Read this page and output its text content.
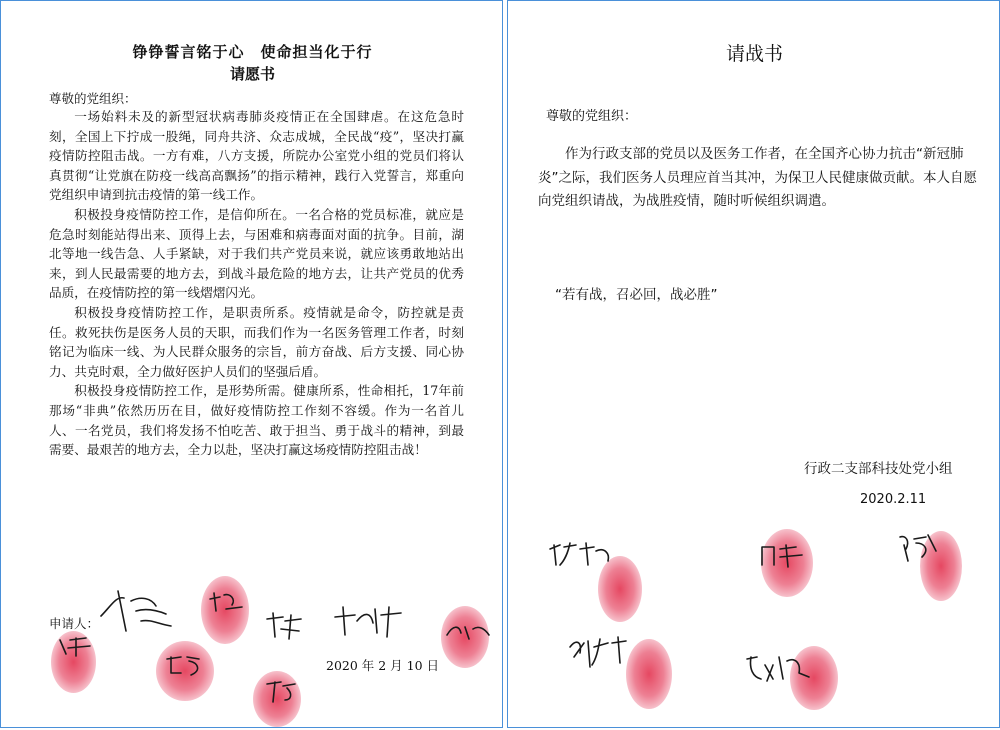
铮铮誓言铭于心　使命担当化于行
请愿书
尊敬的党组织：

一场始料未及的新型冠状病毒肺炎疫情正在全国肆虐。在这危急时刻，全国上下拧成一股绳，同舟共济、众志成城，全民战“疫”，坚决打赢疫情防控阻击战。一方有难，八方支援，所院办公室党小组的党员们将认真贯彻“让党旗在防疫一线高高飘扬”的指示精神，践行入党誓言，郑重向党组织申请到抗击疫情的第一线工作。

积极投身疫情防控工作，是信仰所在。一名合格的党员标准，就应是危急时刻能站得出来、顶得上去，与困难和病毒面对面的抗争。目前，湖北等地一线告急、人手紧缺，对于我们共产党员来说，就应该勇敢地站出来，到人民最需要的地方去，到战斗最危险的地方去，让共产党员的优秀品质，在疫情防控的第一线熠熠闪光。

积极投身疫情防控工作，是职责所系。疫情就是命令，防控就是责任。救死扶伤是医务人员的天职，而我们作为一名医务管理工作者，时刻铭记为临床一线、为人民群众服务的宗旨，前方奋战、后方支援、同心协力、共克时艰，全力做好医护人员们的坚强后盾。

积极投身疫情防控工作，是形势所需。健康所系，性命相托，17年前那场“非典”依然历历在目，做好疫情防控工作刻不容缓。作为一名首儿人、一名党员，我们将发扬不怕吃苦、敢于担当、勇于战斗的精神，到最需要、最艰苦的地方去，全力以赴，坚决打赢这场疫情防控阻击战！

申请人：
2020 年 2 月 10 日
请战书
尊敬的党组织：

作为行政支部的党员以及医务工作者，在全国齐心协力抗击“新冠肺炎”之际，我们医务人员理应首当其冲，为保卫人民健康做贡献。本人自愿向党组织请战，为战胜疫情，随时听候组织调遣。

“若有战，召必回，战必胜”
行政二支部科技处党小组
2020.2.11
